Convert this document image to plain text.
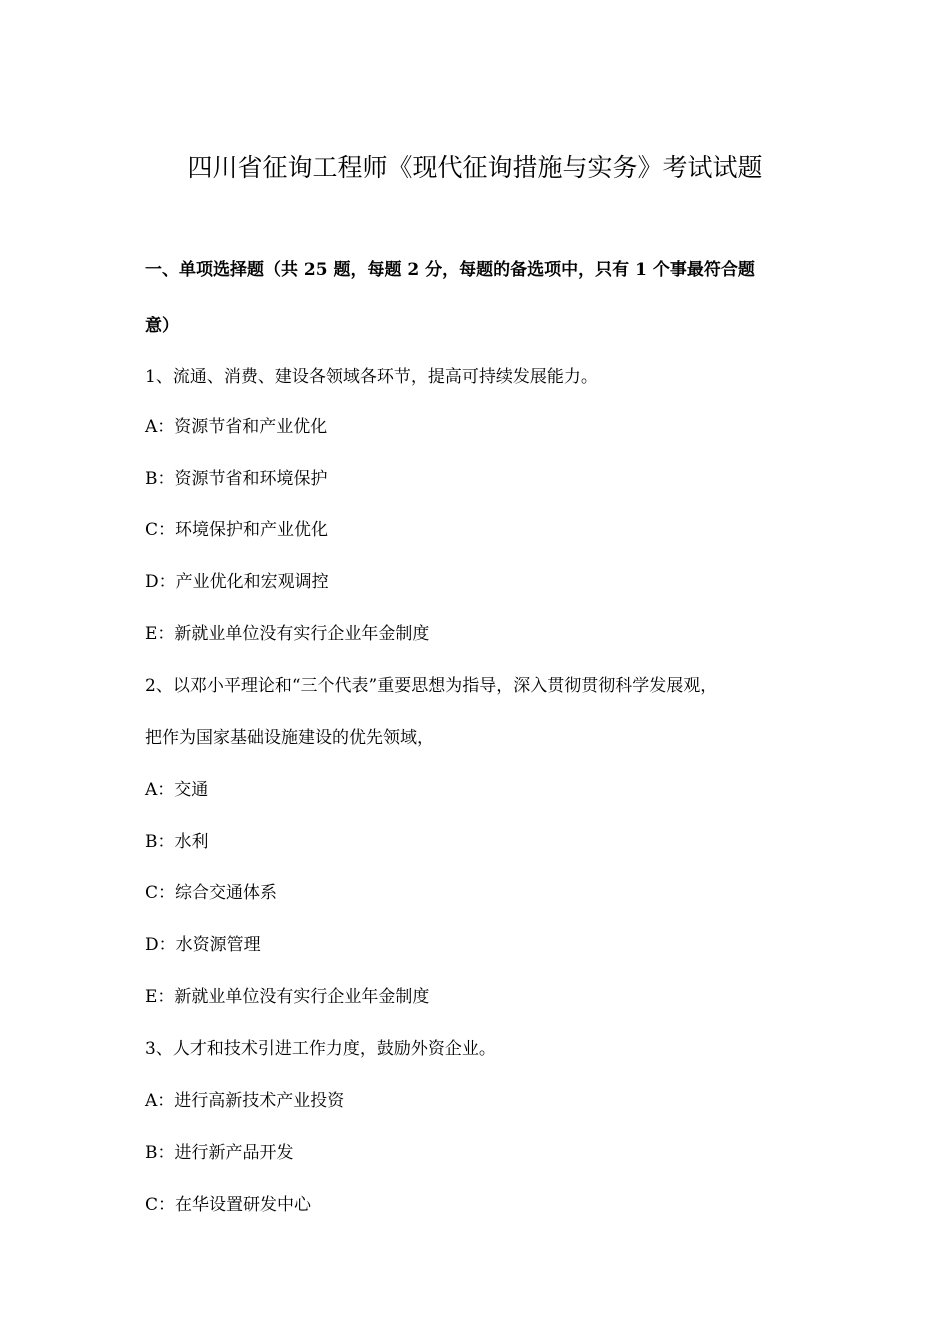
四川省征询工程师《现代征询措施与实务》考试试题
一、单项选择题（共 25 题，每题 2 分，每题的备选项中，只有 1 个事最符合题
意）
1、流通、消费、建设各领域各环节，提高可持续发展能力。
A：资源节省和产业优化
B：资源节省和环境保护
C：环境保护和产业优化
D：产业优化和宏观调控
E：新就业单位没有实行企业年金制度
2、以邓小平理论和“三个代表”重要思想为指导，深入贯彻贯彻科学发展观，
把作为国家基础设施建设的优先领域，
A：交通
B：水利
C：综合交通体系
D：水资源管理
E：新就业单位没有实行企业年金制度
3、人才和技术引进工作力度，鼓励外资企业。
A：进行高新技术产业投资
B：进行新产品开发
C：在华设置研发中心
